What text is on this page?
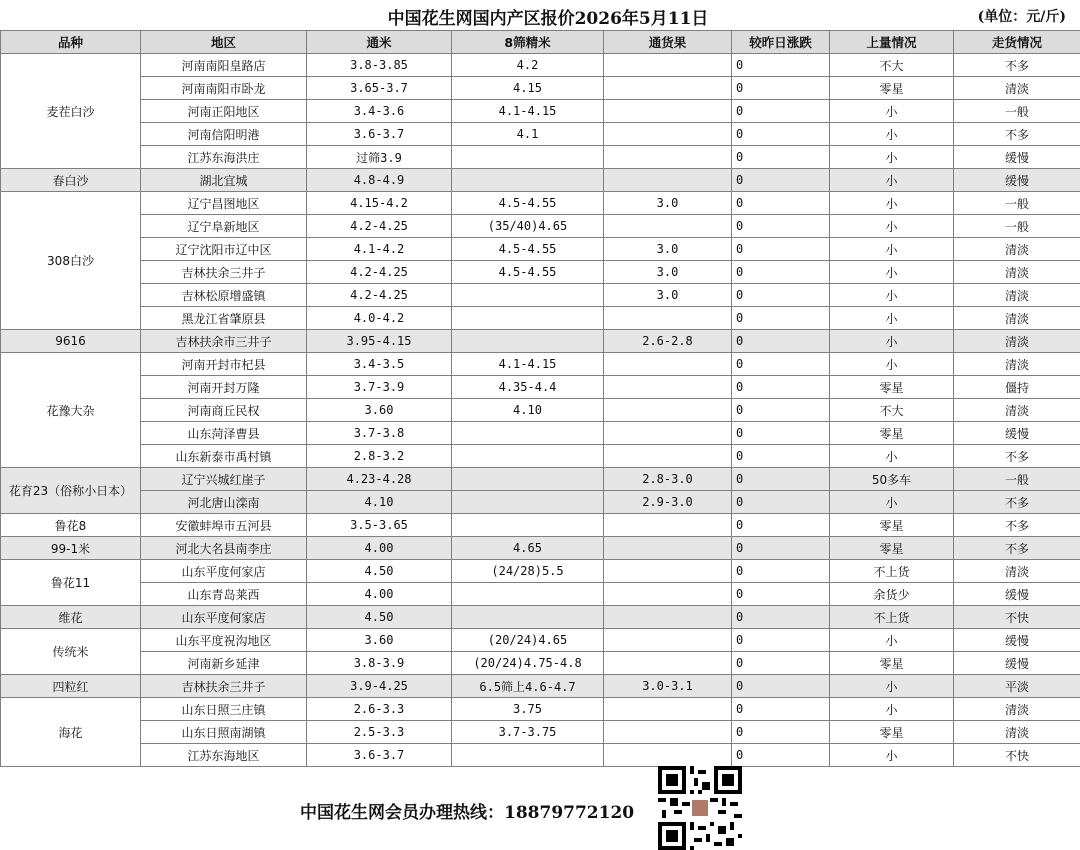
中国花生网国内产区报价2026年5月11日	(单位：元/斤)
品种	地区	通米	8筛精米	通货果	较昨日涨跌	上量情况	走货情况
麦茬白沙	河南南阳皇路店	3.8-3.85	4.2		0	不大	不多
	河南南阳市卧龙	3.65-3.7	4.15		0	零星	清淡
	河南正阳地区	3.4-3.6	4.1-4.15		0	小	一般
	河南信阳明港	3.6-3.7	4.1		0	小	不多
	江苏东海洪庄	过筛3.9			0	小	缓慢
春白沙	湖北宜城	4.8-4.9			0	小	缓慢
308白沙	辽宁昌图地区	4.15-4.2	4.5-4.55	3.0	0	小	一般
	辽宁阜新地区	4.2-4.25	(35/40)4.65		0	小	一般
	辽宁沈阳市辽中区	4.1-4.2	4.5-4.55	3.0	0	小	清淡
	吉林扶余三井子	4.2-4.25	4.5-4.55	3.0	0	小	清淡
	吉林松原增盛镇	4.2-4.25		3.0	0	小	清淡
	黑龙江省肇原县	4.0-4.2			0	小	清淡
9616	吉林扶余市三井子	3.95-4.15		2.6-2.8	0	小	清淡
花豫大杂	河南开封市杞县	3.4-3.5	4.1-4.15		0	小	清淡
	河南开封万隆	3.7-3.9	4.35-4.4		0	零星	僵持
	河南商丘民权	3.60	4.10		0	不大	清淡
	山东菏泽曹县	3.7-3.8			0	零星	缓慢
	山东新泰市禹村镇	2.8-3.2			0	小	不多
花育23（俗称小日本）	辽宁兴城红崖子	4.23-4.28		2.8-3.0	0	50多车	一般
	河北唐山滦南	4.10		2.9-3.0	0	小	不多
鲁花8	安徽蚌埠市五河县	3.5-3.65			0	零星	不多
99-1米	河北大名县南李庄	4.00	4.65		0	零星	不多
鲁花11	山东平度何家店	4.50	(24/28)5.5		0	不上货	清淡
	山东青岛莱西	4.00			0	余货少	缓慢
维花	山东平度何家店	4.50			0	不上货	不快
传统米	山东平度祝沟地区	3.60	(20/24)4.65		0	小	缓慢
	河南新乡延津	3.8-3.9	(20/24)4.75-4.8		0	零星	缓慢
四粒红	吉林扶余三井子	3.9-4.25	6.5筛上4.6-4.7	3.0-3.1	0	小	平淡
海花	山东日照三庄镇	2.6-3.3	3.75		0	小	清淡
	山东日照南湖镇	2.5-3.3	3.7-3.75		0	零星	清淡
	江苏东海地区	3.6-3.7			0	小	不快
中国花生网会员办理热线：18879772120
